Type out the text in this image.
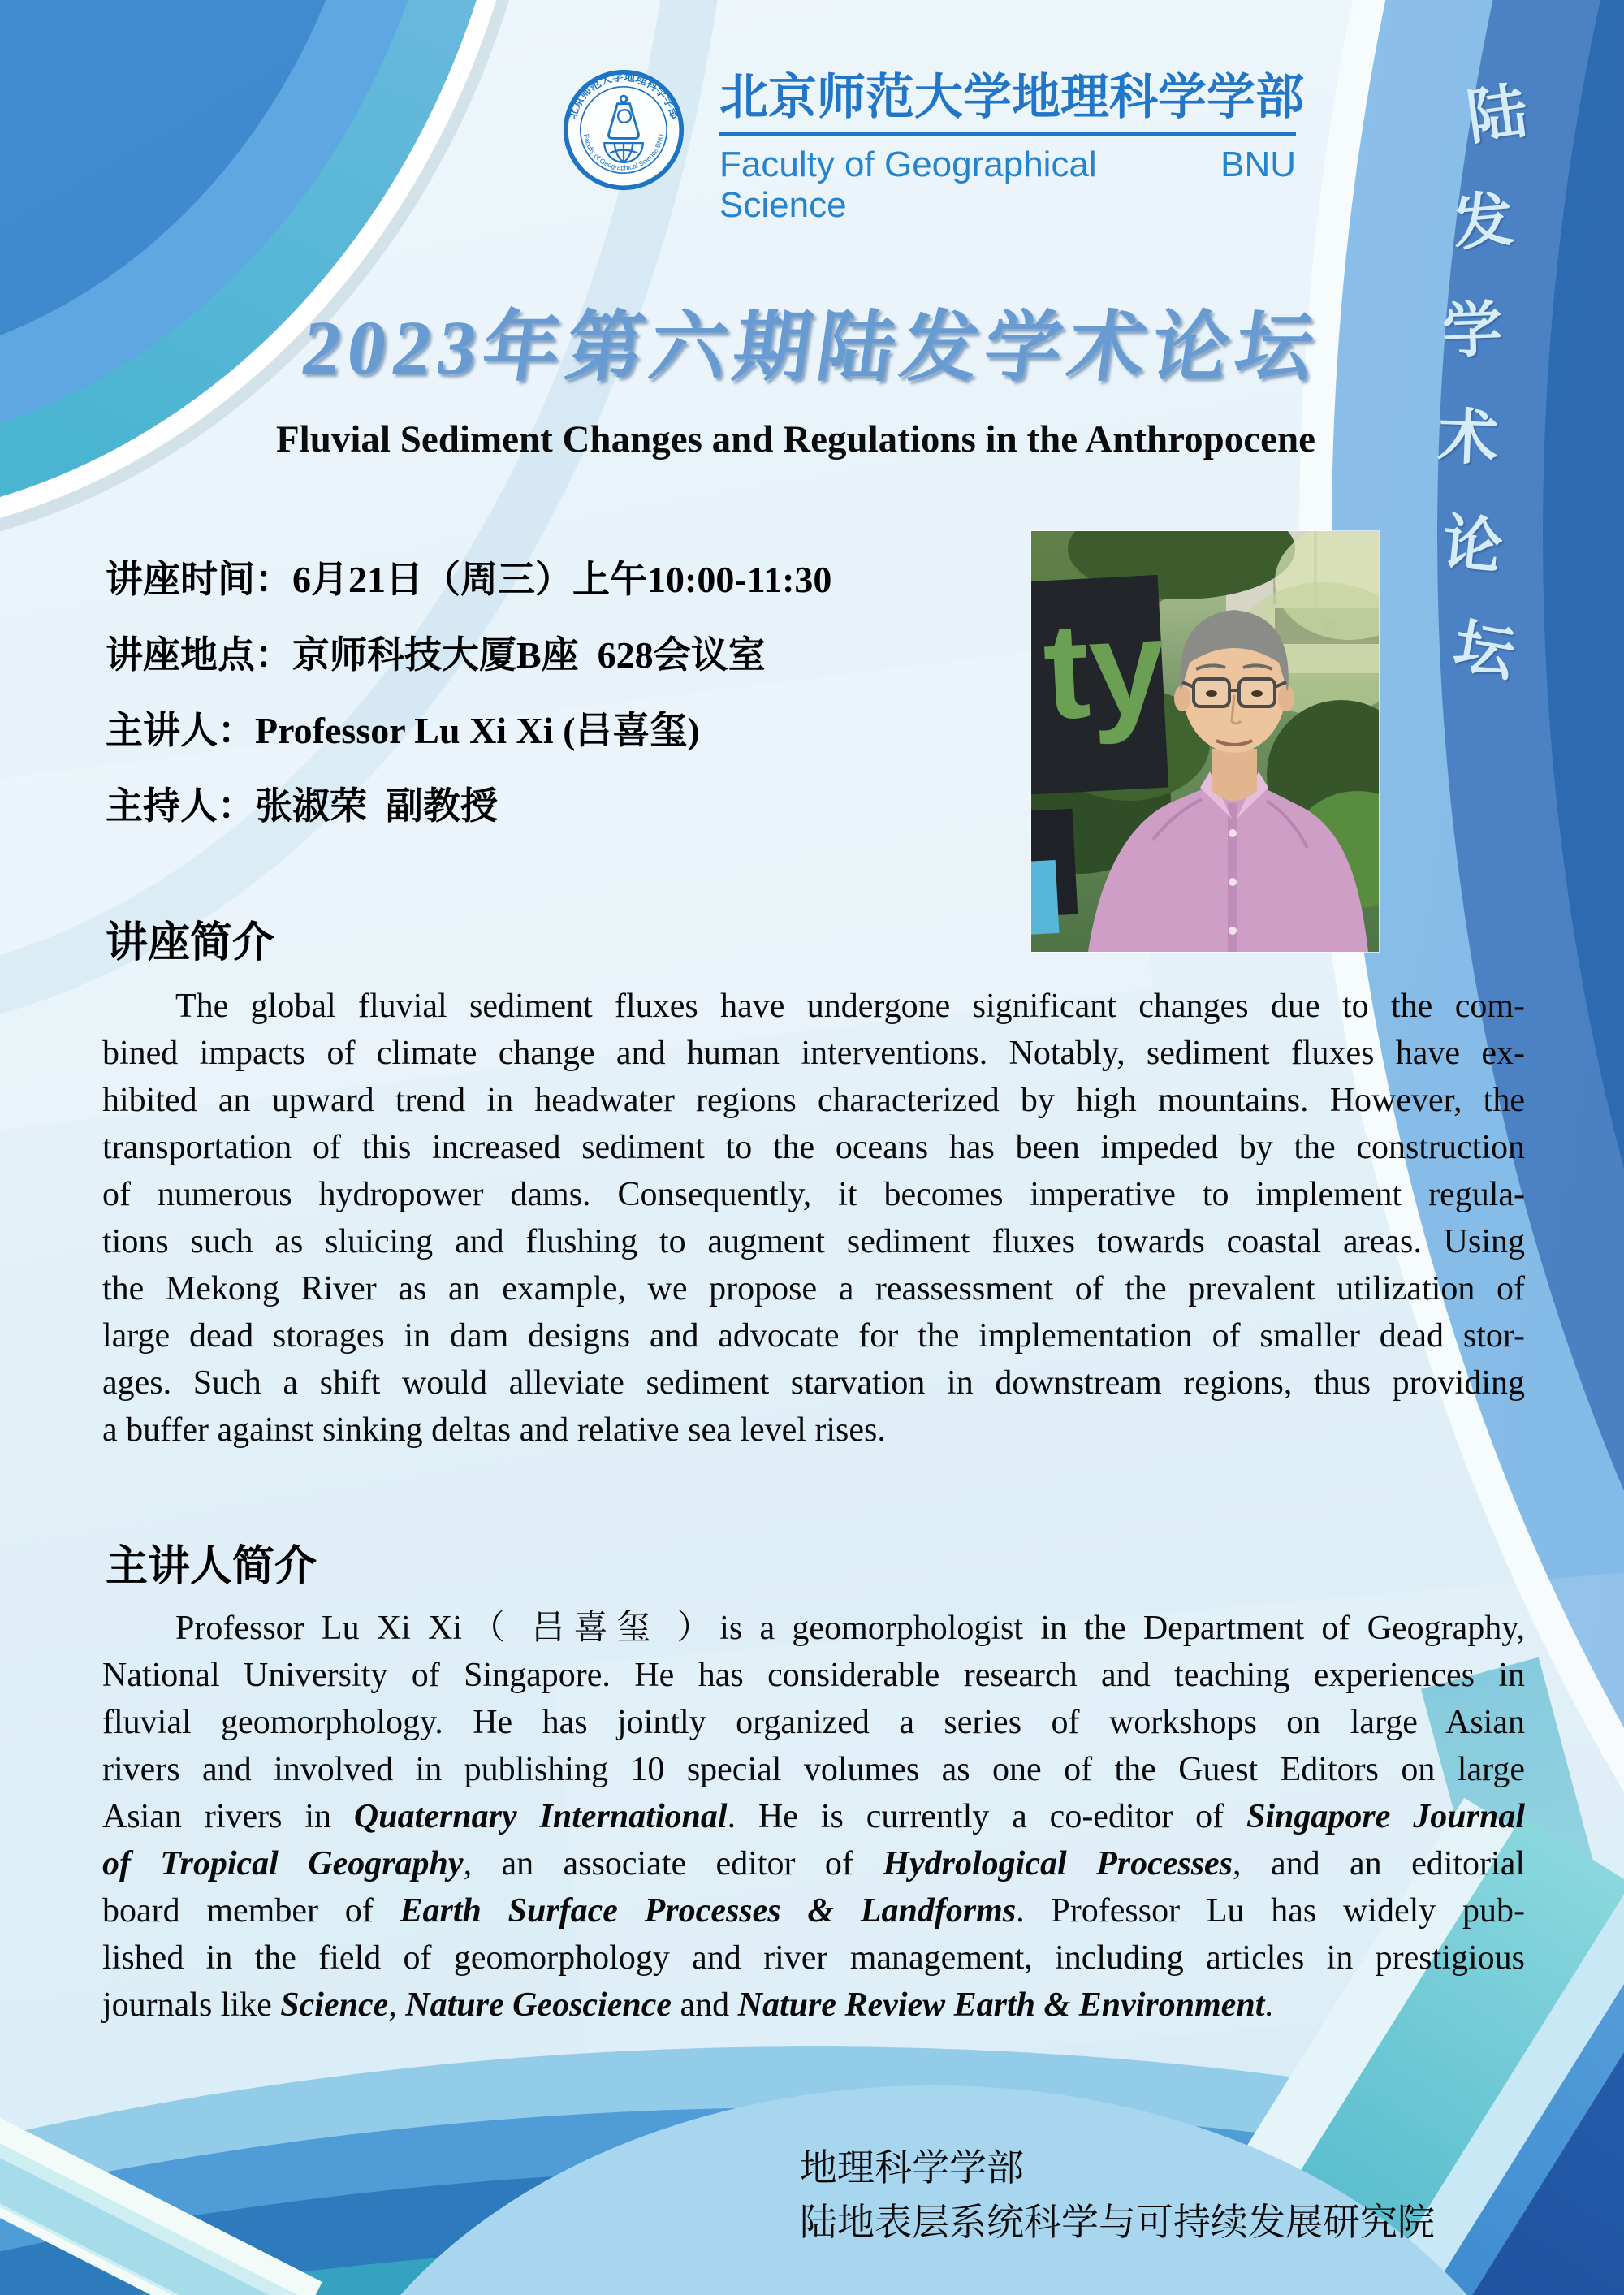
北京师范大学地理科学学部
Faculty of Geographical Science BNU
北京师范大学地理科学学部
Faculty of Geographical Science
BNU
陆
发
学
术
论
坛
2023年第六期陆发学术论坛
Fluvial Sediment Changes and Regulations in the Anthropocene
讲座时间：6月21日（周三）上午10:00-11:30
讲座地点：京师科技大厦B座  628会议室
主讲人：Professor Lu Xi Xi (吕喜玺)
主持人：张淑荣  副教授
ty
讲座简介
The global fluvial sediment fluxes have undergone significant changes due to the com-
bined impacts of climate change and human interventions. Notably, sediment fluxes have ex-
hibited an upward trend in headwater regions characterized by high mountains. However, the
transportation of this increased sediment to the oceans has been impeded by the construction
of numerous hydropower dams. Consequently, it becomes imperative to implement regula-
tions such as sluicing and flushing to augment sediment fluxes towards coastal areas. Using
the Mekong River as an example, we propose a reassessment of the prevalent utilization of
large dead storages in dam designs and advocate for the implementation of smaller dead stor-
ages. Such a shift would alleviate sediment starvation in downstream regions, thus providing
a buffer against sinking deltas and relative sea level rises.
主讲人简介
Professor Lu Xi Xi（ 吕喜玺 ）is a geomorphologist in the Department of Geography,
National University of Singapore. He has considerable research and teaching experiences in
fluvial geomorphology. He has jointly organized a series of workshops on large Asian
rivers and involved in publishing 10 special volumes as one of the Guest Editors on large
Asian rivers in Quaternary International. He is currently a co-editor of Singapore Journal
of Tropical Geography, an associate editor of Hydrological Processes, and an editorial
board member of Earth Surface Processes & Landforms. Professor Lu has widely pub-
lished in the field of geomorphology and river management, including articles in prestigious
journals like Science, Nature Geoscience and Nature Review Earth & Environment.
地理科学学部
陆地表层系统科学与可持续发展研究院
